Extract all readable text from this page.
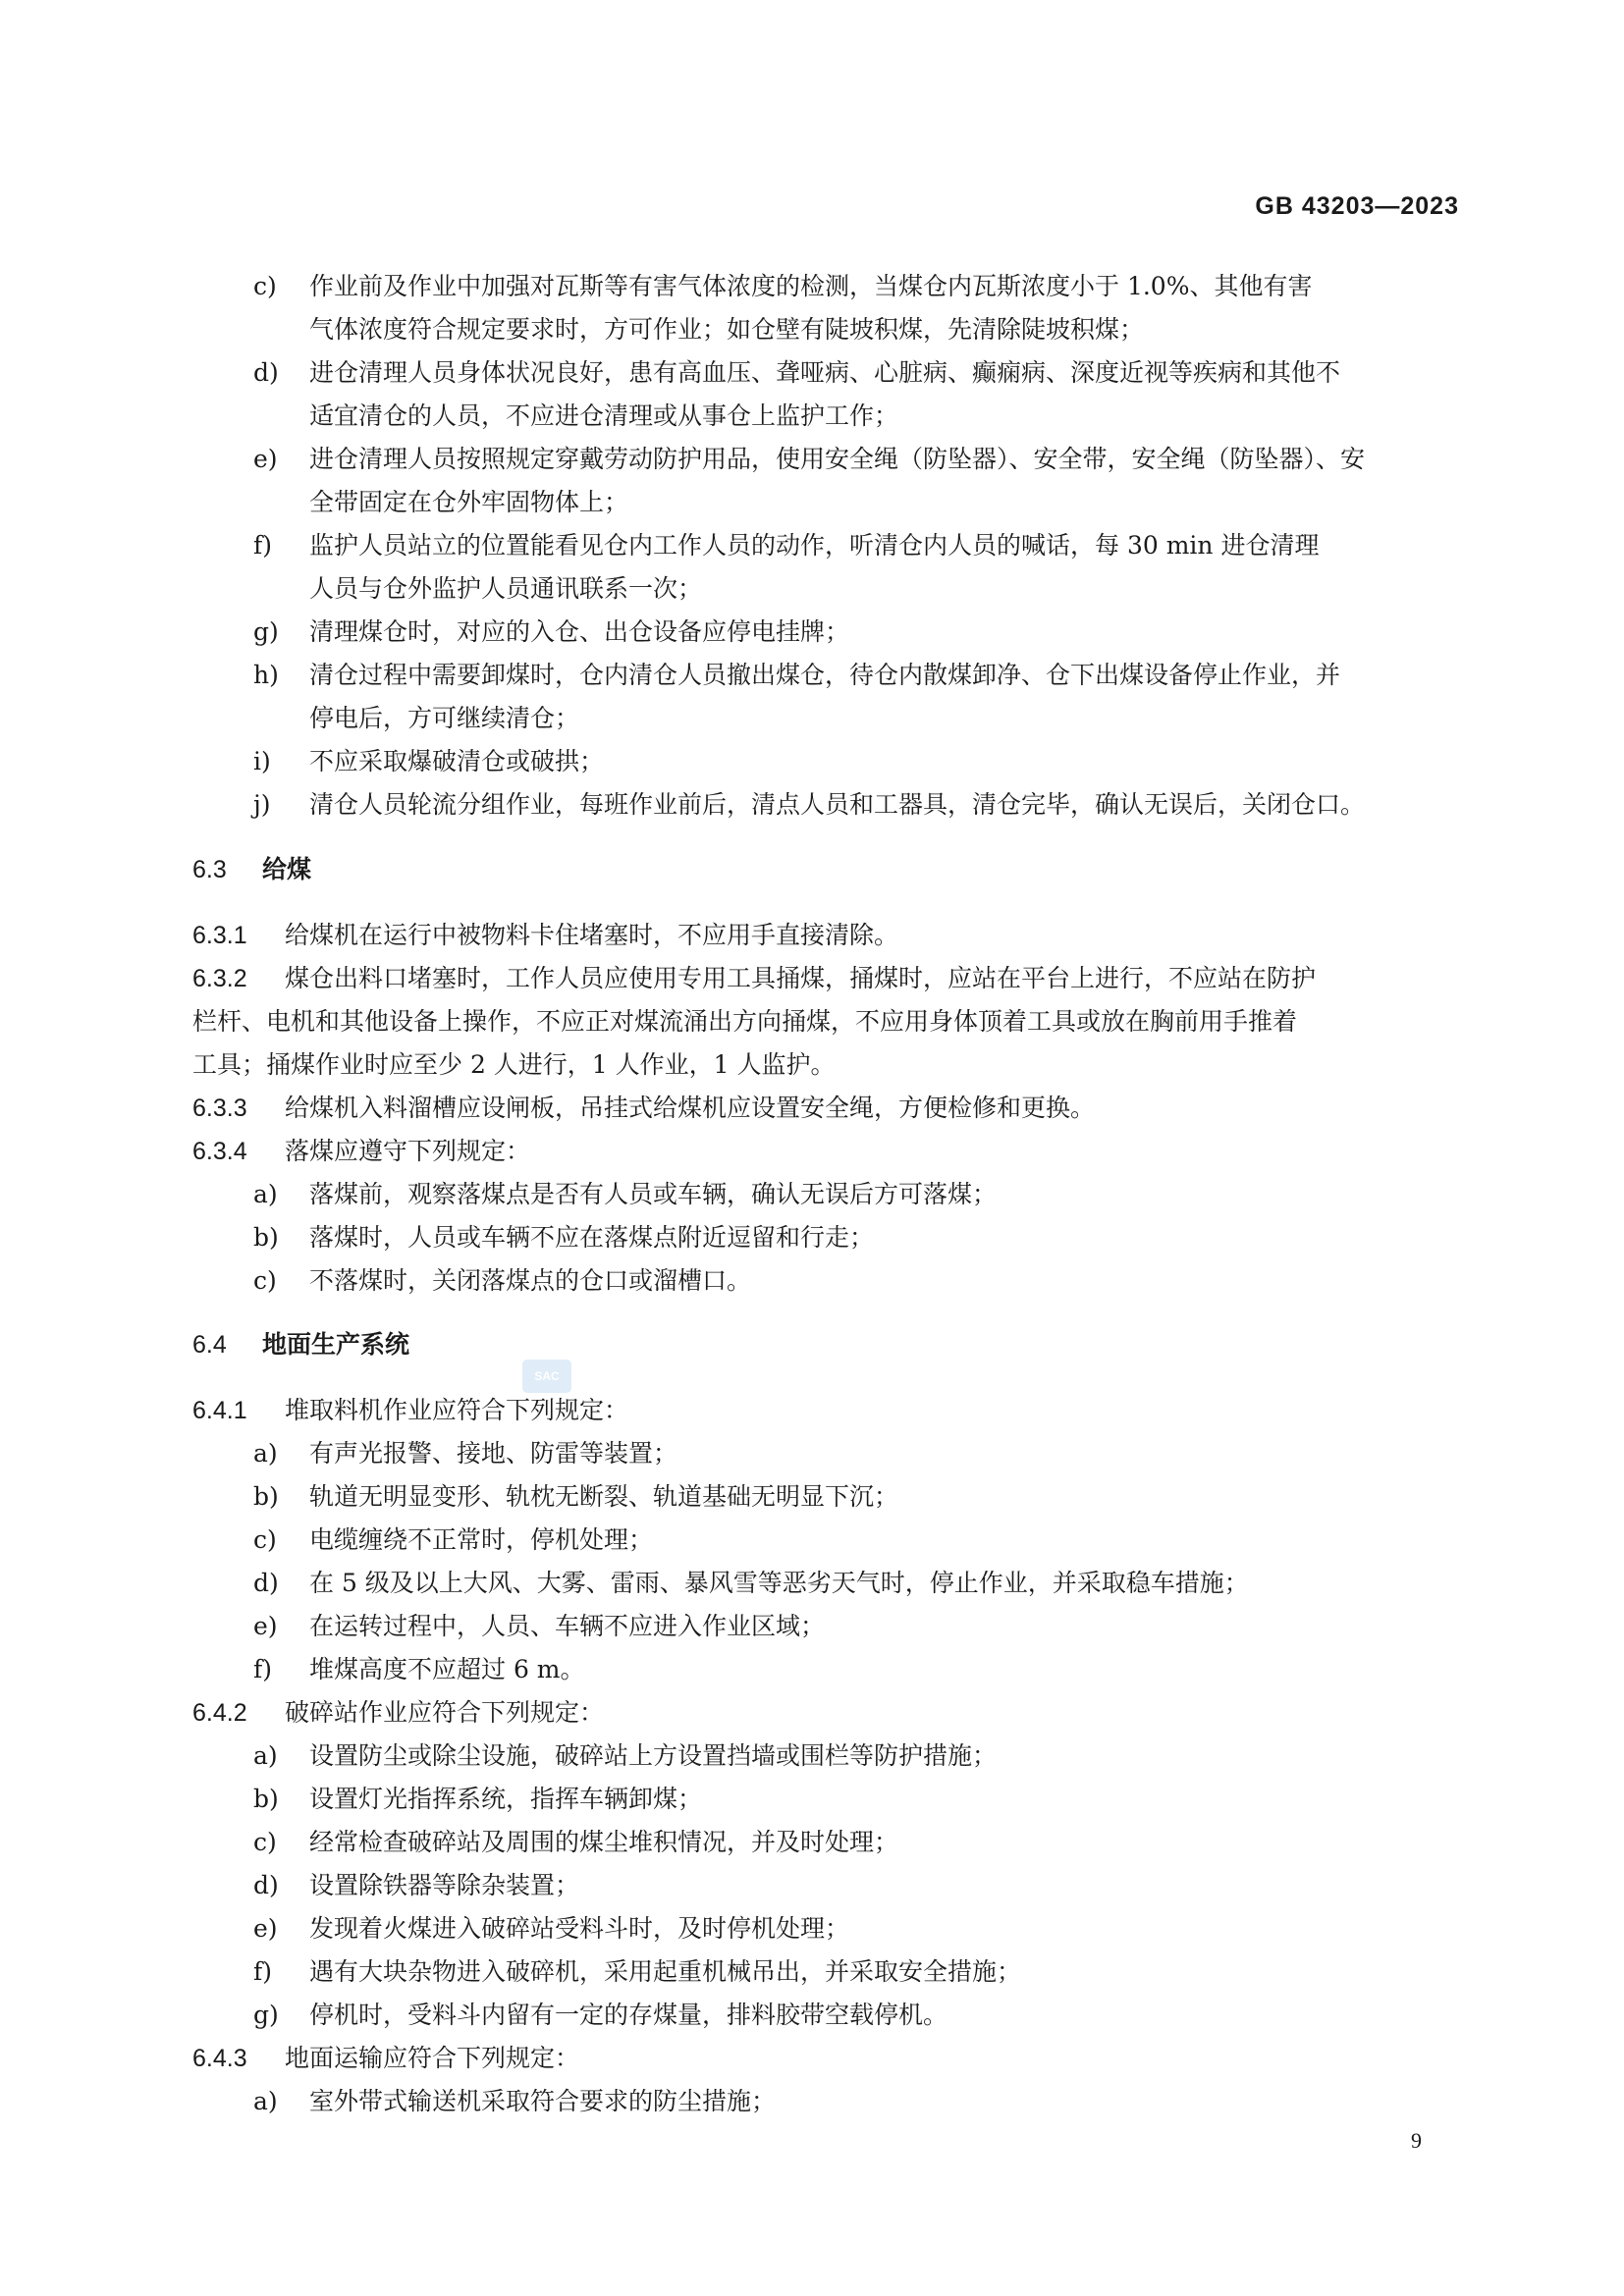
GB 43203—2023
c)	作业前及作业中加强对瓦斯等有害气体浓度的检测，当煤仓内瓦斯浓度小于 1.0%、其他有害
气体浓度符合规定要求时，方可作业；如仓壁有陡坡积煤，先清除陡坡积煤；
d)	进仓清理人员身体状况良好，患有高血压、聋哑病、心脏病、癫痫病、深度近视等疾病和其他不
适宜清仓的人员，不应进仓清理或从事仓上监护工作；
e)	进仓清理人员按照规定穿戴劳动防护用品，使用安全绳（防坠器）、安全带，安全绳（防坠器）、安
全带固定在仓外牢固物体上；
f)	监护人员站立的位置能看见仓内工作人员的动作，听清仓内人员的喊话，每 30 min 进仓清理
人员与仓外监护人员通讯联系一次；
g)	清理煤仓时，对应的入仓、出仓设备应停电挂牌；
h)	清仓过程中需要卸煤时，仓内清仓人员撤出煤仓，待仓内散煤卸净、仓下出煤设备停止作业，并
停电后，方可继续清仓；
i)	不应采取爆破清仓或破拱；
j)	清仓人员轮流分组作业，每班作业前后，清点人员和工器具，清仓完毕，确认无误后，关闭仓口。
6.3 给煤
6.3.1 给煤机在运行中被物料卡住堵塞时，不应用手直接清除。
6.3.2 煤仓出料口堵塞时，工作人员应使用专用工具捅煤，捅煤时，应站在平台上进行，不应站在防护
栏杆、电机和其他设备上操作，不应正对煤流涌出方向捅煤，不应用身体顶着工具或放在胸前用手推着
工具；捅煤作业时应至少 2 人进行，1 人作业，1 人监护。
6.3.3 给煤机入料溜槽应设闸板，吊挂式给煤机应设置安全绳，方便检修和更换。
6.3.4 落煤应遵守下列规定：
a)	落煤前，观察落煤点是否有人员或车辆，确认无误后方可落煤；
b)	落煤时，人员或车辆不应在落煤点附近逗留和行走；
c)	不落煤时，关闭落煤点的仓口或溜槽口。
6.4 地面生产系统
SAC
6.4.1 堆取料机作业应符合下列规定：
a)	有声光报警、接地、防雷等装置；
b)	轨道无明显变形、轨枕无断裂、轨道基础无明显下沉；
c)	电缆缠绕不正常时，停机处理；
d)	在 5 级及以上大风、大雾、雷雨、暴风雪等恶劣天气时，停止作业，并采取稳车措施；
e)	在运转过程中，人员、车辆不应进入作业区域；
f)	堆煤高度不应超过 6 m。
6.4.2 破碎站作业应符合下列规定：
a)	设置防尘或除尘设施，破碎站上方设置挡墙或围栏等防护措施；
b)	设置灯光指挥系统，指挥车辆卸煤；
c)	经常检查破碎站及周围的煤尘堆积情况，并及时处理；
d)	设置除铁器等除杂装置；
e)	发现着火煤进入破碎站受料斗时，及时停机处理；
f)	遇有大块杂物进入破碎机，采用起重机械吊出，并采取安全措施；
g)	停机时，受料斗内留有一定的存煤量，排料胶带空载停机。
6.4.3 地面运输应符合下列规定：
a)	室外带式输送机采取符合要求的防尘措施；
9
